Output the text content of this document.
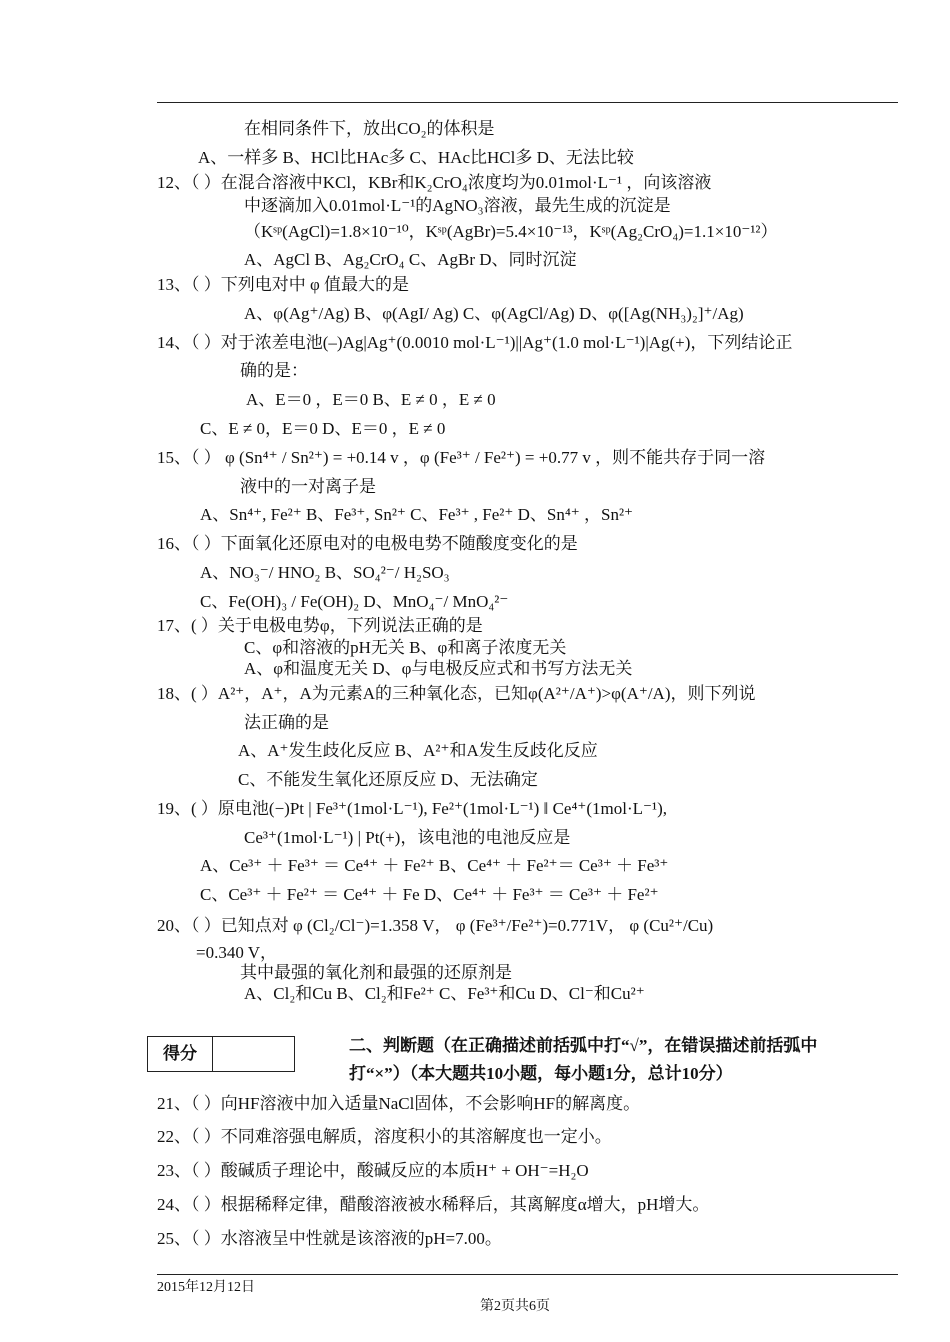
在相同条件下，放出CO₂的体积是
A、一样多 B、HCl比HAc多 C、HAc比HCl多 D、无法比较
12、（ ）在混合溶液中KCl，KBr和K₂CrO₄浓度均为0.01mol·L⁻¹ ，向该溶液
中逐滴加入0.01mol·L⁻¹的AgNO₃溶液，最先生成的沉淀是
（Kˢᵖ(AgCl)=1.8×10⁻¹⁰，Kˢᵖ(AgBr)=5.4×10⁻¹³，Kˢᵖ(Ag₂CrO₄)=1.1×10⁻¹²）
A、AgCl B、Ag₂CrO₄ C、AgBr D、同时沉淀
13、（ ）下列电对中 φ 值最大的是
A、φ(Ag⁺/Ag) B、φ(AgI/ Ag) C、φ(AgCl/Ag) D、φ([Ag(NH₃)₂]⁺/Ag)
14、（ ）对于浓差电池(–)Ag|Ag⁺(0.0010 mol·L⁻¹)||Ag⁺(1.0 mol·L⁻¹)|Ag(+)，下列结论正
确的是：
A、E＝0 ，E＝0 B、E ≠ 0 ，E ≠ 0
C、E ≠ 0，E＝0 D、E＝0 ，E ≠ 0
15、（ ） φ (Sn⁴⁺ / Sn²⁺) = +0.14 v ，φ (Fe³⁺ / Fe²⁺) = +0.77 v ，则不能共存于同一溶
液中的一对离子是
A、Sn⁴⁺, Fe²⁺ B、Fe³⁺, Sn²⁺ C、Fe³⁺ , Fe²⁺ D、Sn⁴⁺ ，Sn²⁺
16、（ ）下面氧化还原电对的电极电势不随酸度变化的是
A、NO₃⁻/ HNO₂ B、SO₄²⁻/ H₂SO₃
C、Fe(OH)₃ / Fe(OH)₂ D、MnO₄⁻/ MnO₄²⁻
17、( ）关于电极电势φ，下列说法正确的是
C、φ和溶液的pH无关 B、φ和离子浓度无关
A、φ和温度无关 D、φ与电极反应式和书写方法无关
18、( ）A²⁺，A⁺，A为元素A的三种氧化态，已知φ(A²⁺/A⁺)>φ(A⁺/A)，则下列说
法正确的是
A、A⁺发生歧化反应 B、A²⁺和A发生反歧化反应
C、不能发生氧化还原反应 D、无法确定
19、( ）原电池(−)Pt | Fe³⁺(1mol·L⁻¹), Fe²⁺(1mol·L⁻¹) ‖ Ce⁴⁺(1mol·L⁻¹),
Ce³⁺(1mol·L⁻¹) | Pt(+)，该电池的电池反应是
A、Ce³⁺ ＋ Fe³⁺ ＝ Ce⁴⁺ ＋ Fe²⁺ B、Ce⁴⁺ ＋ Fe²⁺＝ Ce³⁺ ＋ Fe³⁺
C、Ce³⁺ ＋ Fe²⁺ ＝ Ce⁴⁺ ＋ Fe D、Ce⁴⁺ ＋ Fe³⁺ ＝ Ce³⁺ ＋ Fe²⁺
20、（ ）已知点对 φ (Cl₂/Cl⁻)=1.358 V， φ (Fe³⁺/Fe²⁺)=0.771V， φ (Cu²⁺/Cu)
=0.340 V，
其中最强的氧化剂和最强的还原剂是
A、Cl₂和Cu B、Cl₂和Fe²⁺ C、Fe³⁺和Cu D、Cl⁻和Cu²⁺
得分	二、判断题（在正确描述前括弧中打“√”，在错误描述前括弧中
打“×”）（本大题共10小题，每小题1分，总计10分）
21、（ ）向HF溶液中加入适量NaCl固体，不会影响HF的解离度。
22、（ ）不同难溶强电解质，溶度积小的其溶解度也一定小。
23、（ ）酸碱质子理论中，酸碱反应的本质H⁺ + OH⁻=H₂O
24、（ ）根据稀释定律，醋酸溶液被水稀释后，其离解度α增大，pH增大。
25、（ ）水溶液呈中性就是该溶液的pH=7.00。
2015年12月12日
第2页共6页
